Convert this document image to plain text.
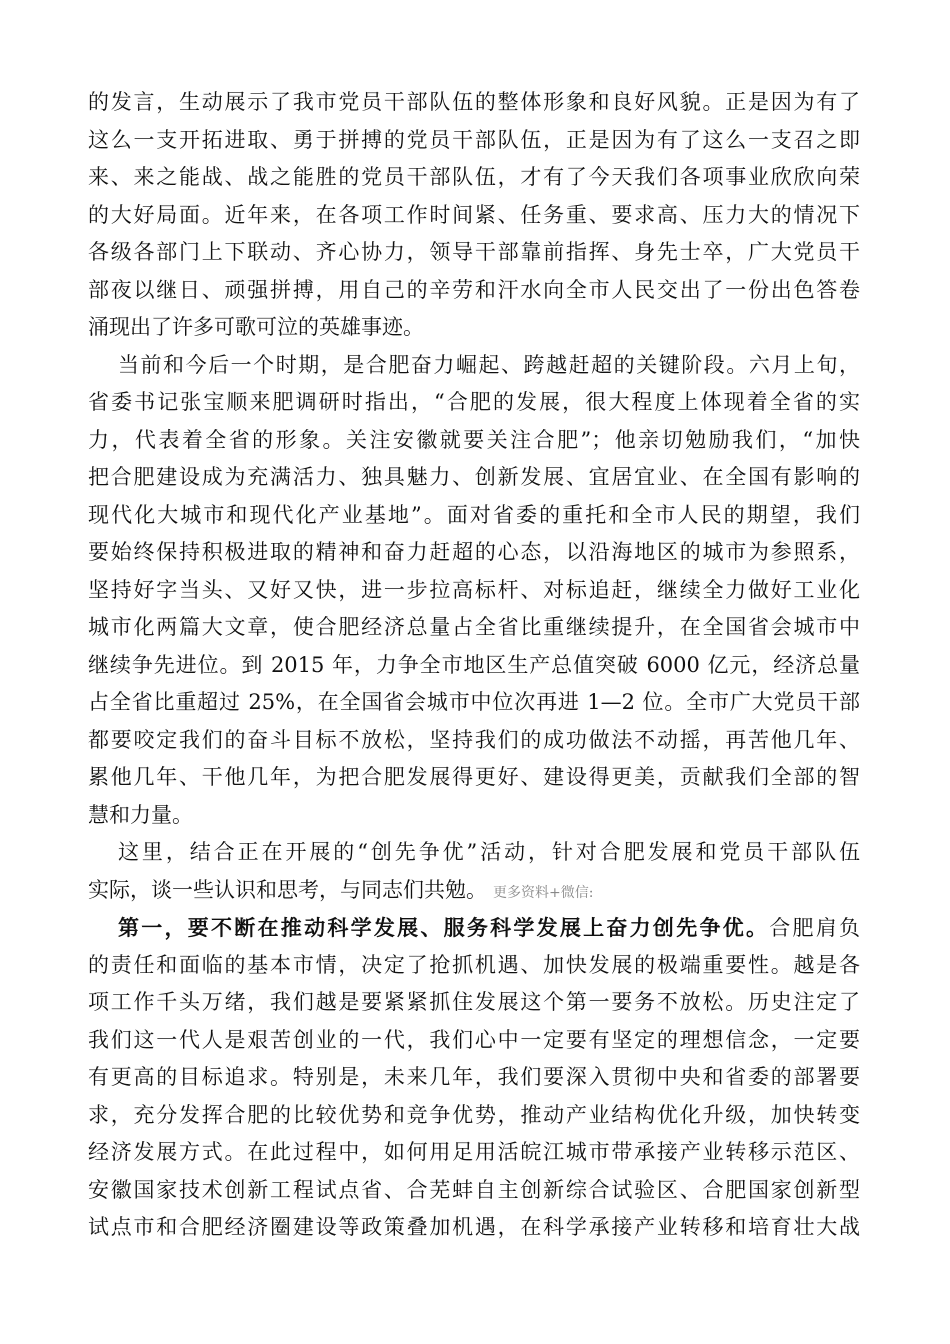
的发言，生动展示了我市党员干部队伍的整体形象和良好风貌。正是因为有了
这么一支开拓进取、勇于拼搏的党员干部队伍，正是因为有了这么一支召之即
来、来之能战、战之能胜的党员干部队伍，才有了今天我们各项事业欣欣向荣
的大好局面。近年来，在各项工作时间紧、任务重、要求高、压力大的情况下
各级各部门上下联动、齐心协力，领导干部靠前指挥、身先士卒，广大党员干
部夜以继日、顽强拼搏，用自己的辛劳和汗水向全市人民交出了一份出色答卷
涌现出了许多可歌可泣的英雄事迹。
当前和今后一个时期，是合肥奋力崛起、跨越赶超的关键阶段。六月上旬，
省委书记张宝顺来肥调研时指出，“合肥的发展，很大程度上体现着全省的实
力，代表着全省的形象。关注安徽就要关注合肥”；他亲切勉励我们，“加快
把合肥建设成为充满活力、独具魅力、创新发展、宜居宜业、在全国有影响的
现代化大城市和现代化产业基地”。面对省委的重托和全市人民的期望，我们
要始终保持积极进取的精神和奋力赶超的心态，以沿海地区的城市为参照系，
坚持好字当头、又好又快，进一步拉高标杆、对标追赶，继续全力做好工业化
城市化两篇大文章，使合肥经济总量占全省比重继续提升，在全国省会城市中
继续争先进位。到 2015 年，力争全市地区生产总值突破 6000 亿元，经济总量
占全省比重超过 25%，在全国省会城市中位次再进 1—2 位。全市广大党员干部
都要咬定我们的奋斗目标不放松，坚持我们的成功做法不动摇，再苦他几年、
累他几年、干他几年，为把合肥发展得更好、建设得更美，贡献我们全部的智
慧和力量。
这里，结合正在开展的“创先争优”活动，针对合肥发展和党员干部队伍
实际，谈一些认识和思考，与同志们共勉。 更多资料+微信:
第一，要不断在推动科学发展、服务科学发展上奋力创先争优。合肥肩负
的责任和面临的基本市情，决定了抢抓机遇、加快发展的极端重要性。越是各
项工作千头万绪，我们越是要紧紧抓住发展这个第一要务不放松。历史注定了
我们这一代人是艰苦创业的一代，我们心中一定要有坚定的理想信念，一定要
有更高的目标追求。特别是，未来几年，我们要深入贯彻中央和省委的部署要
求，充分发挥合肥的比较优势和竞争优势，推动产业结构优化升级，加快转变
经济发展方式。在此过程中，如何用足用活皖江城市带承接产业转移示范区、
安徽国家技术创新工程试点省、合芜蚌自主创新综合试验区、合肥国家创新型
试点市和合肥经济圈建设等政策叠加机遇，在科学承接产业转移和培育壮大战
